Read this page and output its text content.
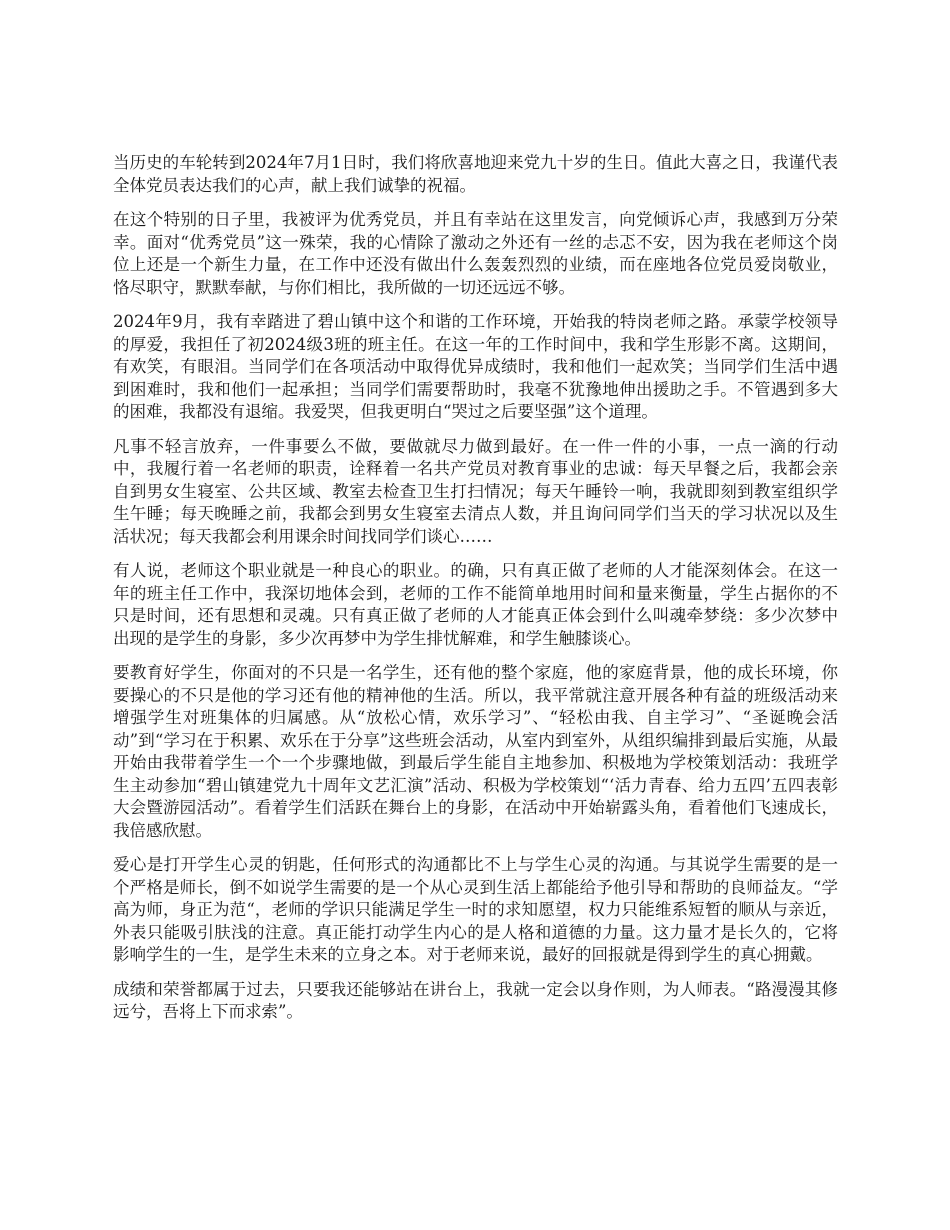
当历史的车轮转到2024年7月1日时，我们将欣喜地迎来党九十岁的生日。值此大喜之日，我谨代表全体党员表达我们的心声，献上我们诚挚的祝福。

在这个特别的日子里，我被评为优秀党员，并且有幸站在这里发言，向党倾诉心声，我感到万分荣幸。面对“优秀党员”这一殊荣，我的心情除了激动之外还有一丝的忐忑不安，因为我在老师这个岗位上还是一个新生力量，在工作中还没有做出什么轰轰烈烈的业绩，而在座地各位党员爱岗敬业，恪尽职守，默默奉献，与你们相比，我所做的一切还远远不够。

2024年9月，我有幸踏进了碧山镇中这个和谐的工作环境，开始我的特岗老师之路。承蒙学校领导的厚爱，我担任了初2024级3班的班主任。在这一年的工作时间中，我和学生形影不离。这期间，有欢笑，有眼泪。当同学们在各项活动中取得优异成绩时，我和他们一起欢笑；当同学们生活中遇到困难时，我和他们一起承担；当同学们需要帮助时，我毫不犹豫地伸出援助之手。不管遇到多大的困难，我都没有退缩。我爱哭，但我更明白“哭过之后要坚强”这个道理。

凡事不轻言放弃，一件事要么不做，要做就尽力做到最好。在一件一件的小事，一点一滴的行动中，我履行着一名老师的职责，诠释着一名共产党员对教育事业的忠诚：每天早餐之后，我都会亲自到男女生寝室、公共区域、教室去检查卫生打扫情况；每天午睡铃一响，我就即刻到教室组织学生午睡；每天晚睡之前，我都会到男女生寝室去清点人数，并且询问同学们当天的学习状况以及生活状况；每天我都会利用课余时间找同学们谈心……

有人说，老师这个职业就是一种良心的职业。的确，只有真正做了老师的人才能深刻体会。在这一年的班主任工作中，我深切地体会到，老师的工作不能简单地用时间和量来衡量，学生占据你的不只是时间，还有思想和灵魂。只有真正做了老师的人才能真正体会到什么叫魂牵梦绕：多少次梦中出现的是学生的身影，多少次再梦中为学生排忧解难，和学生触膝谈心。

要教育好学生，你面对的不只是一名学生，还有他的整个家庭，他的家庭背景，他的成长环境，你要操心的不只是他的学习还有他的精神他的生活。所以，我平常就注意开展各种有益的班级活动来增强学生对班集体的归属感。从“放松心情，欢乐学习”、“轻松由我、自主学习”、“圣诞晚会活动”到“学习在于积累、欢乐在于分享”这些班会活动，从室内到室外，从组织编排到最后实施，从最开始由我带着学生一个一个步骤地做，到最后学生能自主地参加、积极地为学校策划活动：我班学生主动参加“碧山镇建党九十周年文艺汇演”活动、积极为学校策划“‘活力青春、给力五四’五四表彰大会暨游园活动”。看着学生们活跃在舞台上的身影，在活动中开始崭露头角，看着他们飞速成长，我倍感欣慰。

爱心是打开学生心灵的钥匙，任何形式的沟通都比不上与学生心灵的沟通。与其说学生需要的是一个严格是师长，倒不如说学生需要的是一个从心灵到生活上都能给予他引导和帮助的良师益友。“学高为师，身正为范“，老师的学识只能满足学生一时的求知愿望，权力只能维系短暂的顺从与亲近，外表只能吸引肤浅的注意。真正能打动学生内心的是人格和道德的力量。这力量才是长久的，它将影响学生的一生，是学生未来的立身之本。对于老师来说，最好的回报就是得到学生的真心拥戴。

成绩和荣誉都属于过去，只要我还能够站在讲台上，我就一定会以身作则，为人师表。“路漫漫其修远兮，吾将上下而求索”。
